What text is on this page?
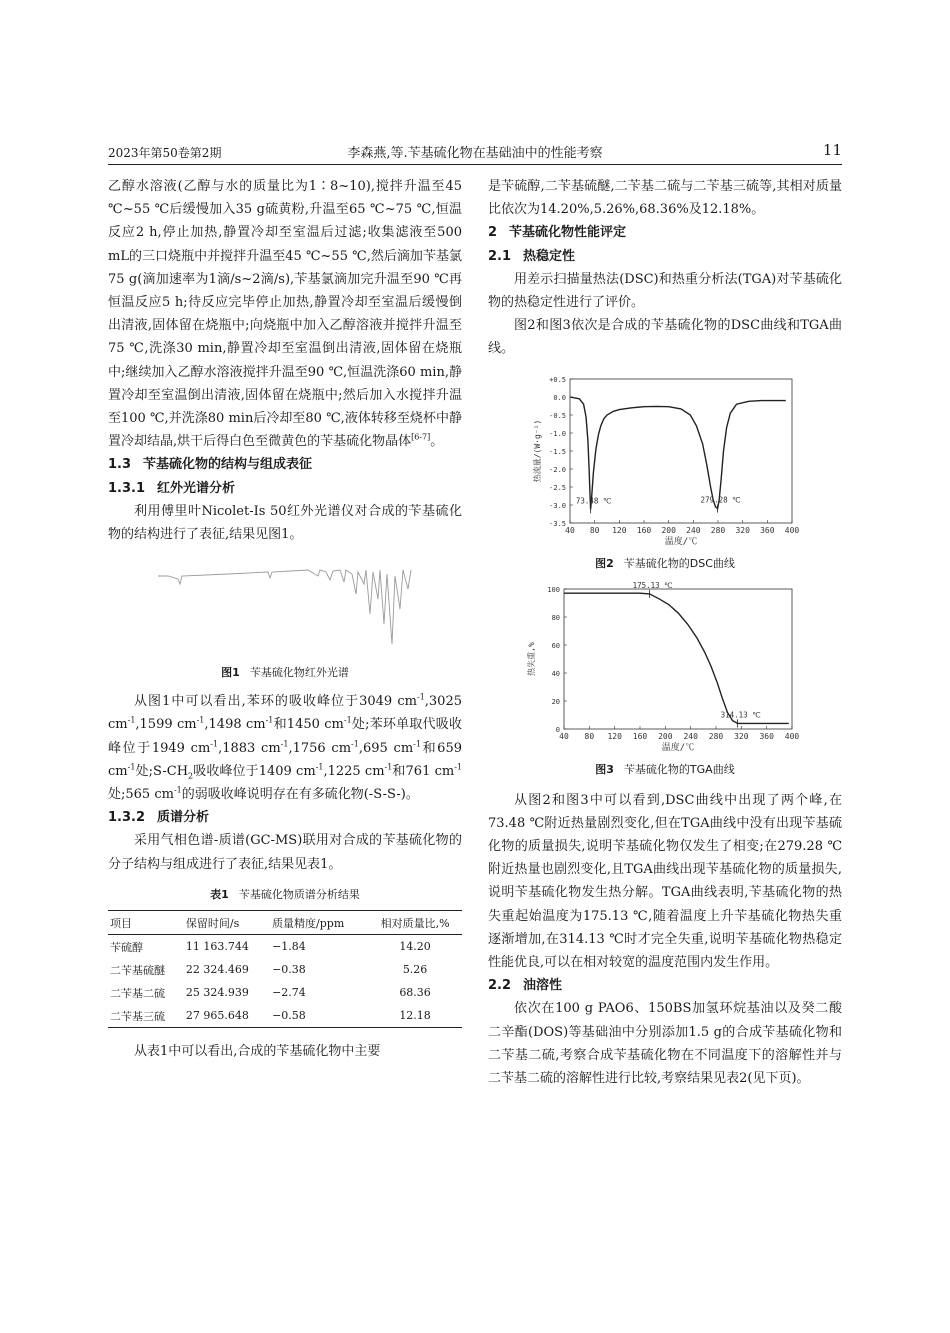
2023年第50卷第2期	李森燕,等.苄基硫化物在基础油中的性能考察	11

乙醇水溶液(乙醇与水的质量比为1∶8~10),搅拌升温至45 ℃~55 ℃后缓慢加入35 g硫黄粉,升温至65 ℃~75 ℃,恒温反应2 h,停止加热,静置冷却至室温后过滤;收集滤液至500 mL的三口烧瓶中并搅拌升温至45 ℃~55 ℃,然后滴加苄基氯75 g(滴加速率为1滴/s~2滴/s),苄基氯滴加完升温至90 ℃再恒温反应5 h;待反应完毕停止加热,静置冷却至室温后缓慢倒出清液,固体留在烧瓶中;向烧瓶中加入乙醇溶液并搅拌升温至75 ℃,洗涤30 min,静置冷却至室温倒出清液,固体留在烧瓶中;继续加入乙醇水溶液搅拌升温至90 ℃,恒温洗涤60 min,静置冷却至室温倒出清液,固体留在烧瓶中;然后加入水搅拌升温至100 ℃,并洗涤80 min后冷却至80 ℃,液体转移至烧杯中静置冷却结晶,烘干后得白色至微黄色的苄基硫化物晶体[6-7]。

1.3 苄基硫化物的结构与组成表征
1.3.1 红外光谱分析

利用傅里叶Nicolet-Is 50红外光谱仪对合成的苄基硫化物的结构进行了表征,结果见图1。

图1 苄基硫化物红外光谱

从图1中可以看出,苯环的吸收峰位于3049 $cm^{-1},3025$ $cm^{-1},1599$ $cm^{-1},1498$ $cm^{-1}$和1450 $cm^{-1}$处;苯环单取代吸收峰位于1949 $cm^{-1},1883$ $cm^{-1},1756$ $cm^{-1},695$ $cm^{-1}$和659 $cm^{-1}$处$;S-CH_2$吸收峰位于1409 $cm^{-1},1225$ $cm^{-1}$和761 $cm^{-1}$处;565 $cm^{-1}$的弱吸收峰说明存在有多硫化物(-S-S-)。

1.3.2 质谱分析

采用气相色谱-质谱(GC-MS)联用对合成的苄基硫化物的分子结构与组成进行了表征,结果见表1。

表1 苄基硫化物质谱分析结果
项目	保留时间/s	质量精度/ppm	相对质量比,%
苄硫醇	11 163.744	−1.84	14.20
二苄基硫醚	22 324.469	−0.38	5.26
二苄基二硫	25 324.939	−2.74	68.36
二苄基三硫	27 965.648	−0.58	12.18

从表1中可以看出,合成的苄基硫化物中主要

是苄硫醇,二苄基硫醚,二苄基二硫与二苄基三硫等,其相对质量比依次为14.20%,5.26%,68.36%及12.18%。

2 苄基硫化物性能评定
2.1 热稳定性

用差示扫描量热法(DSC)和热重分析法(TGA)对苄基硫化物的热稳定性进行了评价。

图2和图3依次是合成的苄基硫化物的DSC曲线和TGA曲线。

40 80 120 160 200 240 280 320 360 400
+0.5
0.0
-0.5
-1.0
-1.5
-2.0
-2.5
-3.0
-3.5
温度/℃
热流量/(W·g⁻¹)
73.48 ℃	279.28 ℃
图2 苄基硫化物的DSC曲线
40 80 120 160 200 240 280 320 360 400
100
80
60
40
20
0
温度/℃
热失重,%
175.13 ℃
314.13 ℃
图3 苄基硫化物的TGA曲线

从图2和图3中可以看到,DSC曲线中出现了两个峰,在73.48 ℃附近热量剧烈变化,但在TGA曲线中没有出现苄基硫化物的质量损失,说明苄基硫化物仅发生了相变;在279.28 ℃附近热量也剧烈变化,且TGA曲线出现苄基硫化物的质量损失,说明苄基硫化物发生热分解。TGA曲线表明,苄基硫化物的热失重起始温度为175.13 ℃,随着温度上升苄基硫化物热失重逐渐增加,在314.13 ℃时才完全失重,说明苄基硫化物热稳定性能优良,可以在相对较宽的温度范围内发生作用。

2.2 油溶性

依次在100 g PAO6、150BS加氢环烷基油以及癸二酸二辛酯(DOS)等基础油中分别添加1.5 g的合成苄基硫化物和二苄基二硫,考察合成苄基硫化物在不同温度下的溶解性并与二苄基二硫的溶解性进行比较,考察结果见表2(见下页)。
